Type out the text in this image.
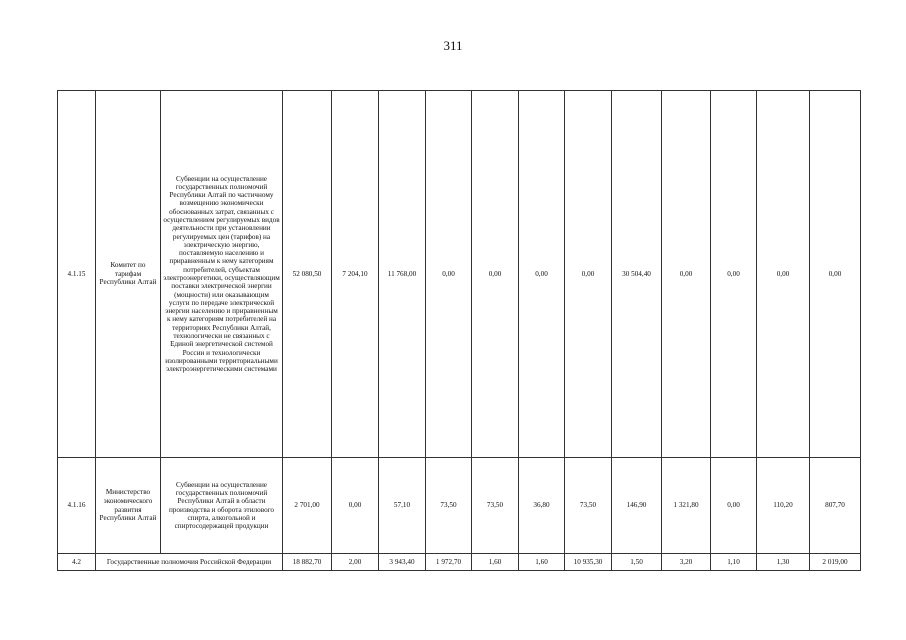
311
4.1.15	Комитет по тарифам Республики Алтай	Субвенции на осуществление государственных полномочий Республики Алтай по частичному возмещению экономически обоснованных затрат, связанных с осуществлением регулируемых видов деятельности при установлении регулируемых цен (тарифов) на электрическую энергию, поставляемую населению и приравненным к нему категориям потребителей, субъектам электроэнергетики, осуществляющим поставки электрической энергии (мощности) или оказывающим услуги по передаче электрической энергии населению и приравненным к нему категориям потребителей на территориях Республики Алтай, технологически не связанных с Единой энергетической системой России и технологически изолированными территориальными электроэнергетическими системами	52 080,50	7 204,10	11 768,00	0,00	0,00	0,00	0,00	30 504,40	0,00	0,00	0,00	0,00
4.1.16	Министерство экономического развития Республики Алтай	Субвенции на осуществление государственных полномочий Республики Алтай в области производства и оборота этилового спирта, алкогольной и спиртосодержащей продукции	2 701,00	0,00	57,10	73,50	73,50	36,80	73,50	146,90	1 321,80	0,00	110,20	807,70
4.2	Государственные полномочия Российской Федерации		18 882,70	2,00	3 943,40	1 972,70	1,60	1,60	10 935,30	1,50	3,20	1,10	1,30	2 019,00
